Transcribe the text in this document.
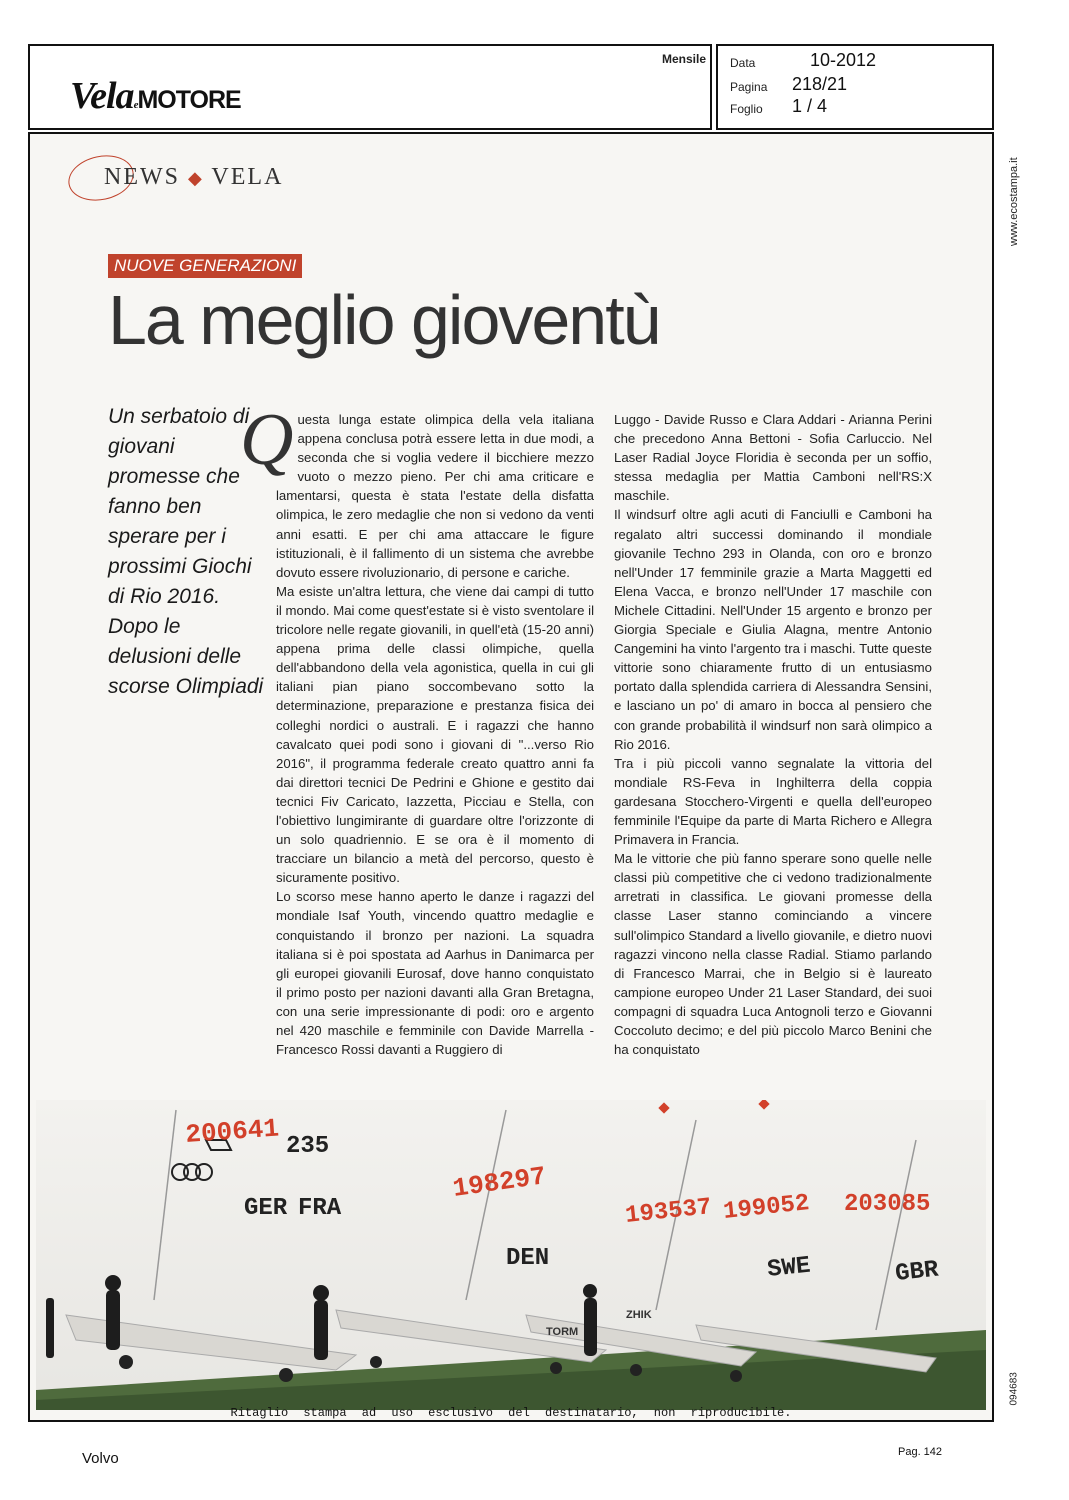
VelaeMOTORE
Mensile Data	10-2012
Pagina 218/21
Foglio 1 / 4
www.ecostampa.it
094683
NEWS ◆ VELA
NUOVE GENERAZIONI
La meglio gioventù
Un serbatoio di giovani promesse che fanno ben sperare per i prossimi Giochi di Rio 2016. Dopo le delusioni delle scorse Olimpiadi
Q uesta lunga estate olimpica della vela italiana appena conclusa potrà essere letta in due modi, a seconda che si voglia vedere il bicchiere mezzo vuoto o mezzo pieno. Per chi ama criticare e lamentarsi, questa è stata l'estate della disfatta olimpica, le zero medaglie che non si vedono da venti anni esatti. E per chi ama attaccare le figure istituzionali, è il fallimento di un sistema che avrebbe dovuto essere rivoluzionario, di persone e cariche.

Ma esiste un'altra lettura, che viene dai campi di tutto il mondo. Mai come quest'estate si è visto sventolare il tricolore nelle regate giovanili, in quell'età (15-20 anni) appena prima delle classi olimpiche, quella dell'abbandono della vela agonistica, quella in cui gli italiani pian piano soccombevano sotto la determinazione, preparazione e prestanza fisica dei colleghi nordici o australi. E i ragazzi che hanno cavalcato quei podi sono i giovani di "...verso Rio 2016", il programma federale creato quattro anni fa dai direttori tecnici De Pedrini e Ghione e gestito dai tecnici Fiv Caricato, Iazzetta, Picciau e Stella, con l'obiettivo lungimirante di guardare oltre l'orizzonte di un solo quadriennio. E se ora è il momento di tracciare un bilancio a metà del percorso, questo è sicuramente positivo.

Lo scorso mese hanno aperto le danze i ragazzi del mondiale Isaf Youth, vincendo quattro medaglie e conquistando il bronzo per nazioni. La squadra italiana si è poi spostata ad Aarhus in Danimarca per gli europei giovanili Eurosaf, dove hanno conquistato il primo posto per nazioni davanti alla Gran Bretagna, con una serie impressionante di podi: oro e argento nel 420 maschile e femminile con Davide Marrella - Francesco Rossi davanti a Ruggiero di

Luggo - Davide Russo e Clara Addari - Arianna Perini che precedono Anna Bettoni - Sofia Carluccio. Nel Laser Radial Joyce Floridia è seconda per un soffio, stessa medaglia per Mattia Camboni nell'RS:X maschile.

Il windsurf oltre agli acuti di Fanciulli e Camboni ha regalato altri successi dominando il mondiale giovanile Techno 293 in Olanda, con oro e bronzo nell'Under 17 femminile grazie a Marta Maggetti ed Elena Vacca, e bronzo nell'Under 17 maschile con Michele Cittadini. Nell'Under 15 argento e bronzo per Giorgia Speciale e Giulia Alagna, mentre Antonio Cangemini ha vinto l'argento tra i maschi. Tutte queste vittorie sono chiaramente frutto di un entusiasmo portato dalla splendida carriera di Alessandra Sensini, e lasciano un po' di amaro in bocca al pensiero che con grande probabilità il windsurf non sarà olimpico a Rio 2016.

Tra i più piccoli vanno segnalate la vittoria del mondiale RS-Feva in Inghilterra della coppia gardesana Stocchero-Virgenti e quella dell'europeo femminile l'Equipe da parte di Marta Richero e Allegra Primavera in Francia.

Ma le vittorie che più fanno sperare sono quelle nelle classi più competitive che ci vedono tradizionalmente arretrati in classifica. Le giovani promesse della classe Laser stanno cominciando a vincere sull'olimpico Standard a livello giovanile, e dietro nuovi ragazzi vincono nella classe Radial. Stiamo parlando di Francesco Marrai, che in Belgio si è laureato campione europeo Under 21 Laser Standard, dei suoi compagni di squadra Luca Antognoli terzo e Giovanni Coccoluto decimo; e del più piccolo Marco Benini che ha conquistato

200641 235
198297
193537 199052 203085
GER FRA
DEN	SWE	GBR
TORM
ZHIK
Ritaglio stampa ad uso esclusivo del destinatario, non riproducibile.
Volvo	Pag. 142
